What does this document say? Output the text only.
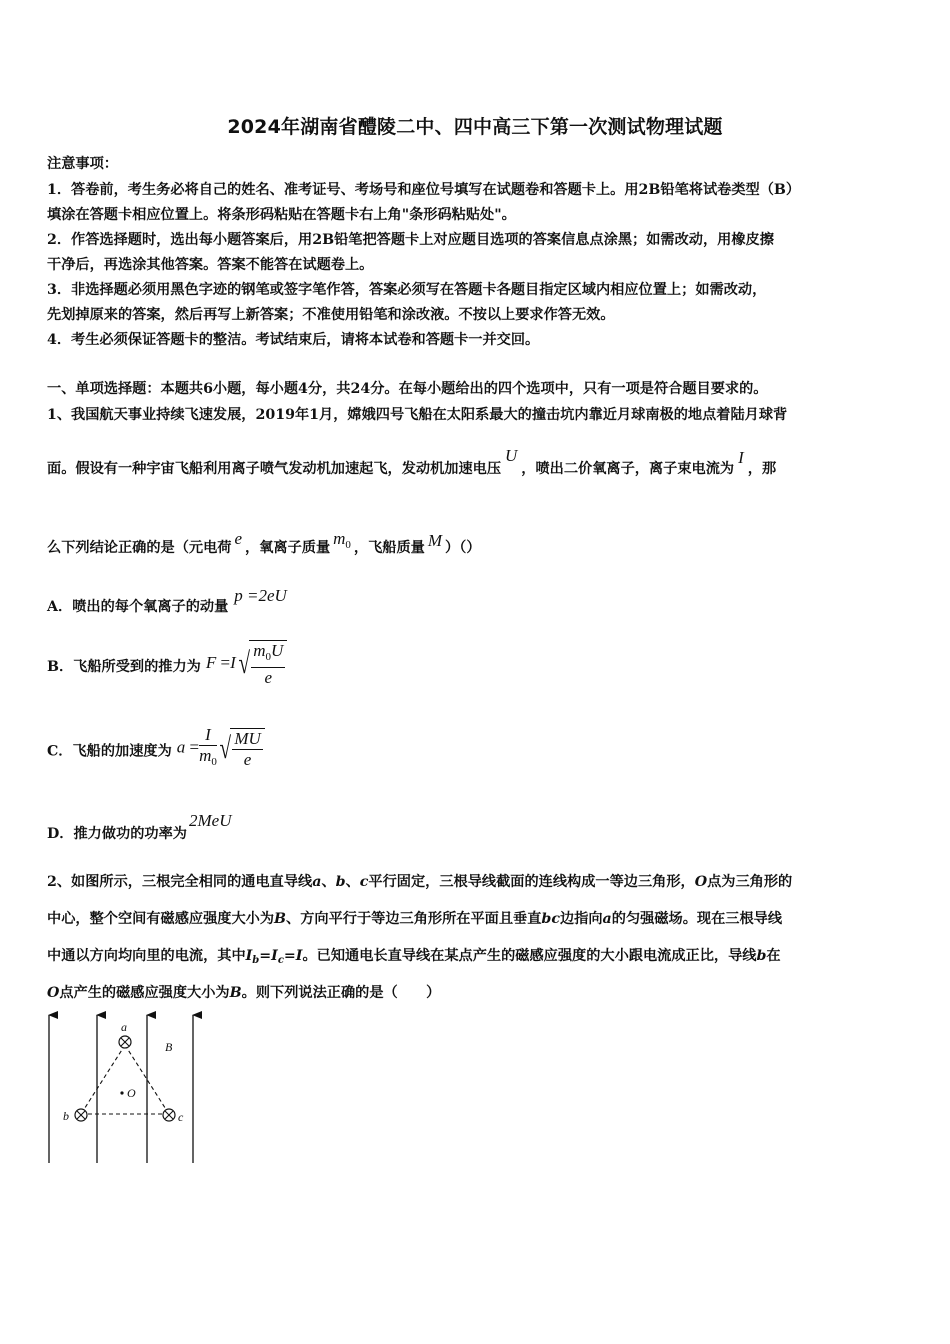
2024年湖南省醴陵二中、四中高三下第一次测试物理试题
注意事项：
1．答卷前，考生务必将自己的姓名、准考证号、考场号和座位号填写在试题卷和答题卡上。用2B铅笔将试卷类型（B）
填涂在答题卡相应位置上。将条形码粘贴在答题卡右上角"条形码粘贴处"。
2．作答选择题时，选出每小题答案后，用2B铅笔把答题卡上对应题目选项的答案信息点涂黑；如需改动，用橡皮擦
干净后，再选涂其他答案。答案不能答在试题卷上。
3．非选择题必须用黑色字迹的钢笔或签字笔作答，答案必须写在答题卡各题目指定区域内相应位置上；如需改动，
先划掉原来的答案，然后再写上新答案；不准使用铅笔和涂改液。不按以上要求作答无效。
4．考生必须保证答题卡的整洁。考试结束后，请将本试卷和答题卡一并交回。
一、单项选择题：本题共6小题，每小题4分，共24分。在每小题给出的四个选项中，只有一项是符合题目要求的。
1、我国航天事业持续飞速发展，2019年1月，嫦娥四号飞船在太阳系最大的撞击坑内靠近月球南极的地点着陆月球背
面。假设有一种宇宙飞船利用离子喷气发动机加速起飞，发动机加速电压U，喷出二价氧离子，离子束电流为I，那
么下列结论正确的是（元电荷 e ，氧离子质量 $m_0$ ，飞船质量 M ）（）
A．喷出的每个氧离子的动量p =2eU
B．飞船所受到的推力为 $F =I√ \frac{m_0U}{e}$
C．飞船的加速度为 $a = \frac{I}{m_0}$ √ $\frac{MU}{e}$
D．推力做功的功率为2MeU
2、如图所示，三根完全相同的通电直导线a、b、c平行固定，三根导线截面的连线构成一等边三角形，O点为三角形的
中心，整个空间有磁感应强度大小为B、方向平行于等边三角形所在平面且垂直bc边指向a的匀强磁场。现在三根导线
中通以方向均向里的电流，其中$I_b=I_c=I$。已知通电长直导线在某点产生的磁感应强度的大小跟电流成正比，导线b在
O点产生的磁感应强度大小为B。则下列说法正确的是（　　）
a
b	c
O
B
